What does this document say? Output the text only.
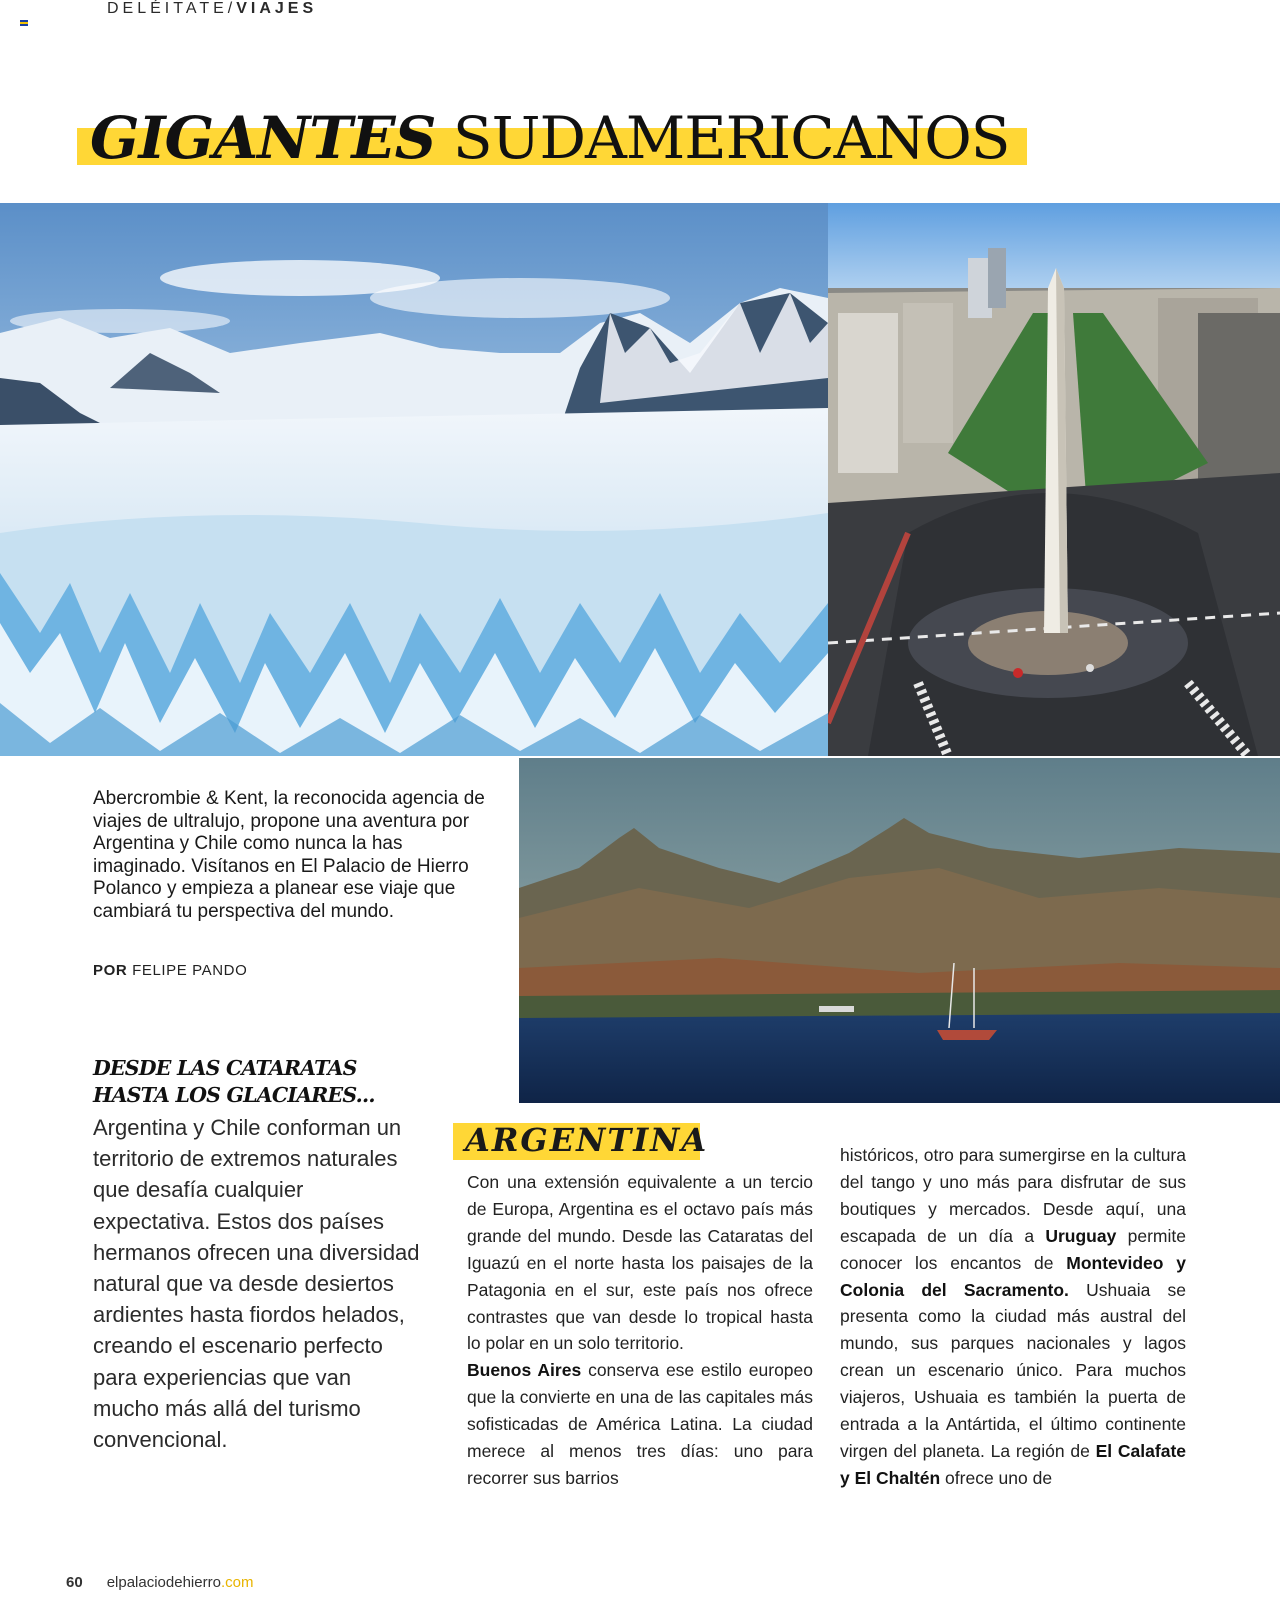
DELÉITATE/VIAJES
GIGANTES SUDAMERICANOS

Abercrombie & Kent, la reconocida agencia de viajes de ultralujo, propone una aventura por Argentina y Chile como nunca la has imaginado. Visítanos en El Palacio de Hierro Polanco y empieza a planear ese viaje que cambiará tu perspectiva del mundo.

POR FELIPE PANDO
DESDE LAS CATARATAS
HASTA LOS GLACIARES...

Argentina y Chile conforman un territorio de extremos naturales que desafía cualquier expectativa. Estos dos países hermanos ofrecen una diversidad natural que va desde desiertos ardientes hasta fiordos helados, creando el escenario perfecto para experiencias que van mucho más allá del turismo convencional.

ARGENTINA

Con una extensión equivalente a un tercio de Europa, Argentina es el octavo país más grande del mundo. Desde las Cataratas del Iguazú en el norte hasta los paisajes de la Patagonia en el sur, este país nos ofrece contrastes que van desde lo tropical hasta lo polar en un solo territorio.
Buenos Aires conserva ese estilo europeo que la convierte en una de las capitales más sofisticadas de América Latina. La ciudad merece al menos tres días: uno para recorrer sus barrios

históricos, otro para sumergirse en la cultura del tango y uno más para disfrutar de sus boutiques y mercados. Desde aquí, una escapada de un día a Uruguay permite conocer los encantos de Montevideo y Colonia del Sacramento. Ushuaia se presenta como la ciudad más austral del mundo, sus parques nacionales y lagos crean un escenario único. Para muchos viajeros, Ushuaia es también la puerta de entrada a la Antártida, el último continente virgen del planeta. La región de El Calafate y El Chaltén ofrece uno de

60 elpalaciodehierro.com
